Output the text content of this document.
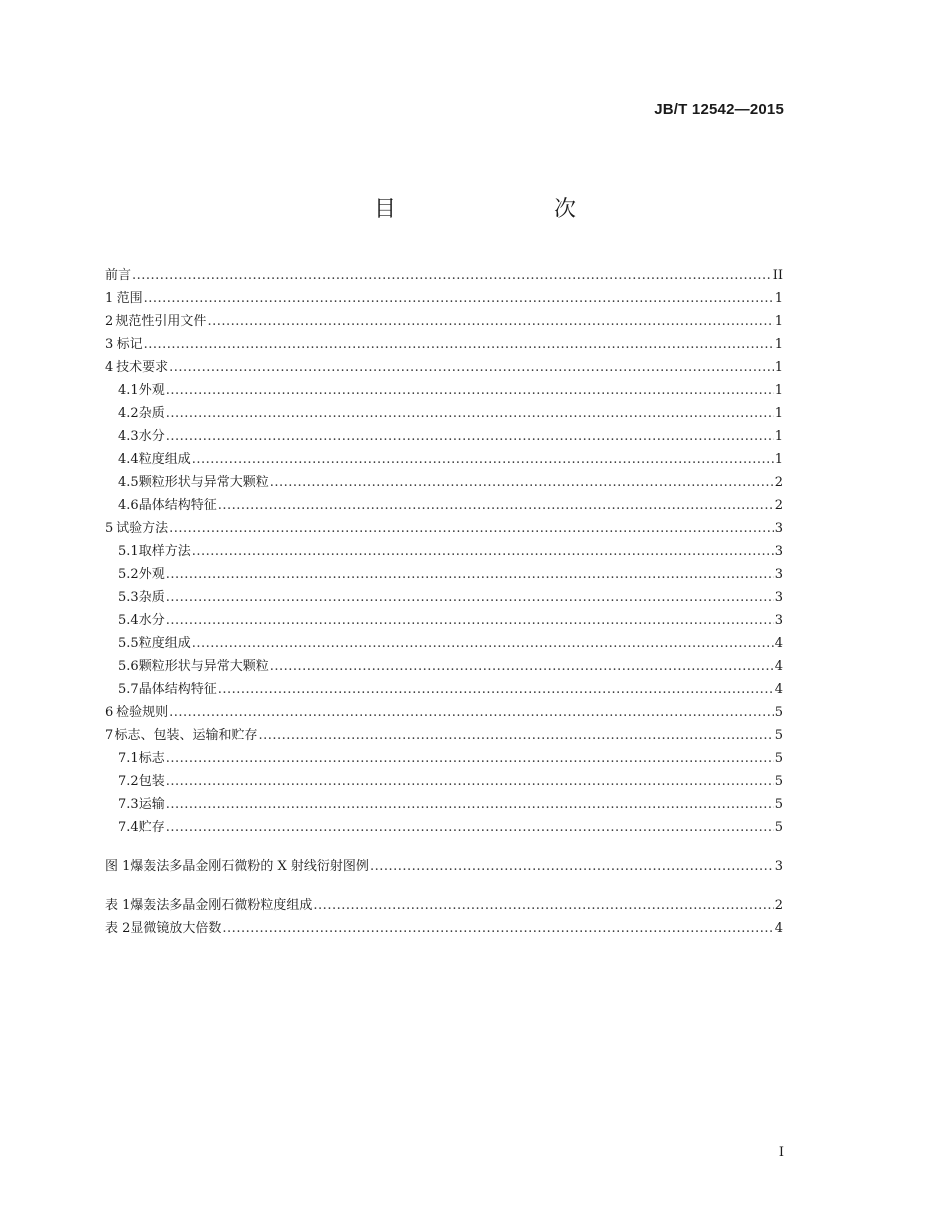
JB/T 12542—2015
目　　次
前言 .....	II
1 范围 .....	1
2 规范性引用文件 .....	1
3 标记 .....	1
4 技术要求 .....	1
4.1 外观 .....	1
4.2 杂质 .....	1
4.3 水分 .....	1
4.4 粒度组成 .....	1
4.5 颗粒形状与异常大颗粒 .....	2
4.6 晶体结构特征 .....	2
5 试验方法 .....	3
5.1 取样方法 .....	3
5.2 外观 .....	3
5.3 杂质 .....	3
5.4 水分 .....	3
5.5 粒度组成 .....	4
5.6 颗粒形状与异常大颗粒 .....	4
5.7 晶体结构特征 .....	4
6 检验规则 .....	5
7 标志、包装、运输和贮存 .....	5
7.1 标志 .....	5
7.2 包装 .....	5
7.3 运输 .....	5
7.4 贮存 .....	5
图 1 爆轰法多晶金刚石微粉的 X 射线衍射图例 .....	3
表 1 爆轰法多晶金刚石微粉粒度组成 .....	2
表 2 显微镜放大倍数 .....	4
I
